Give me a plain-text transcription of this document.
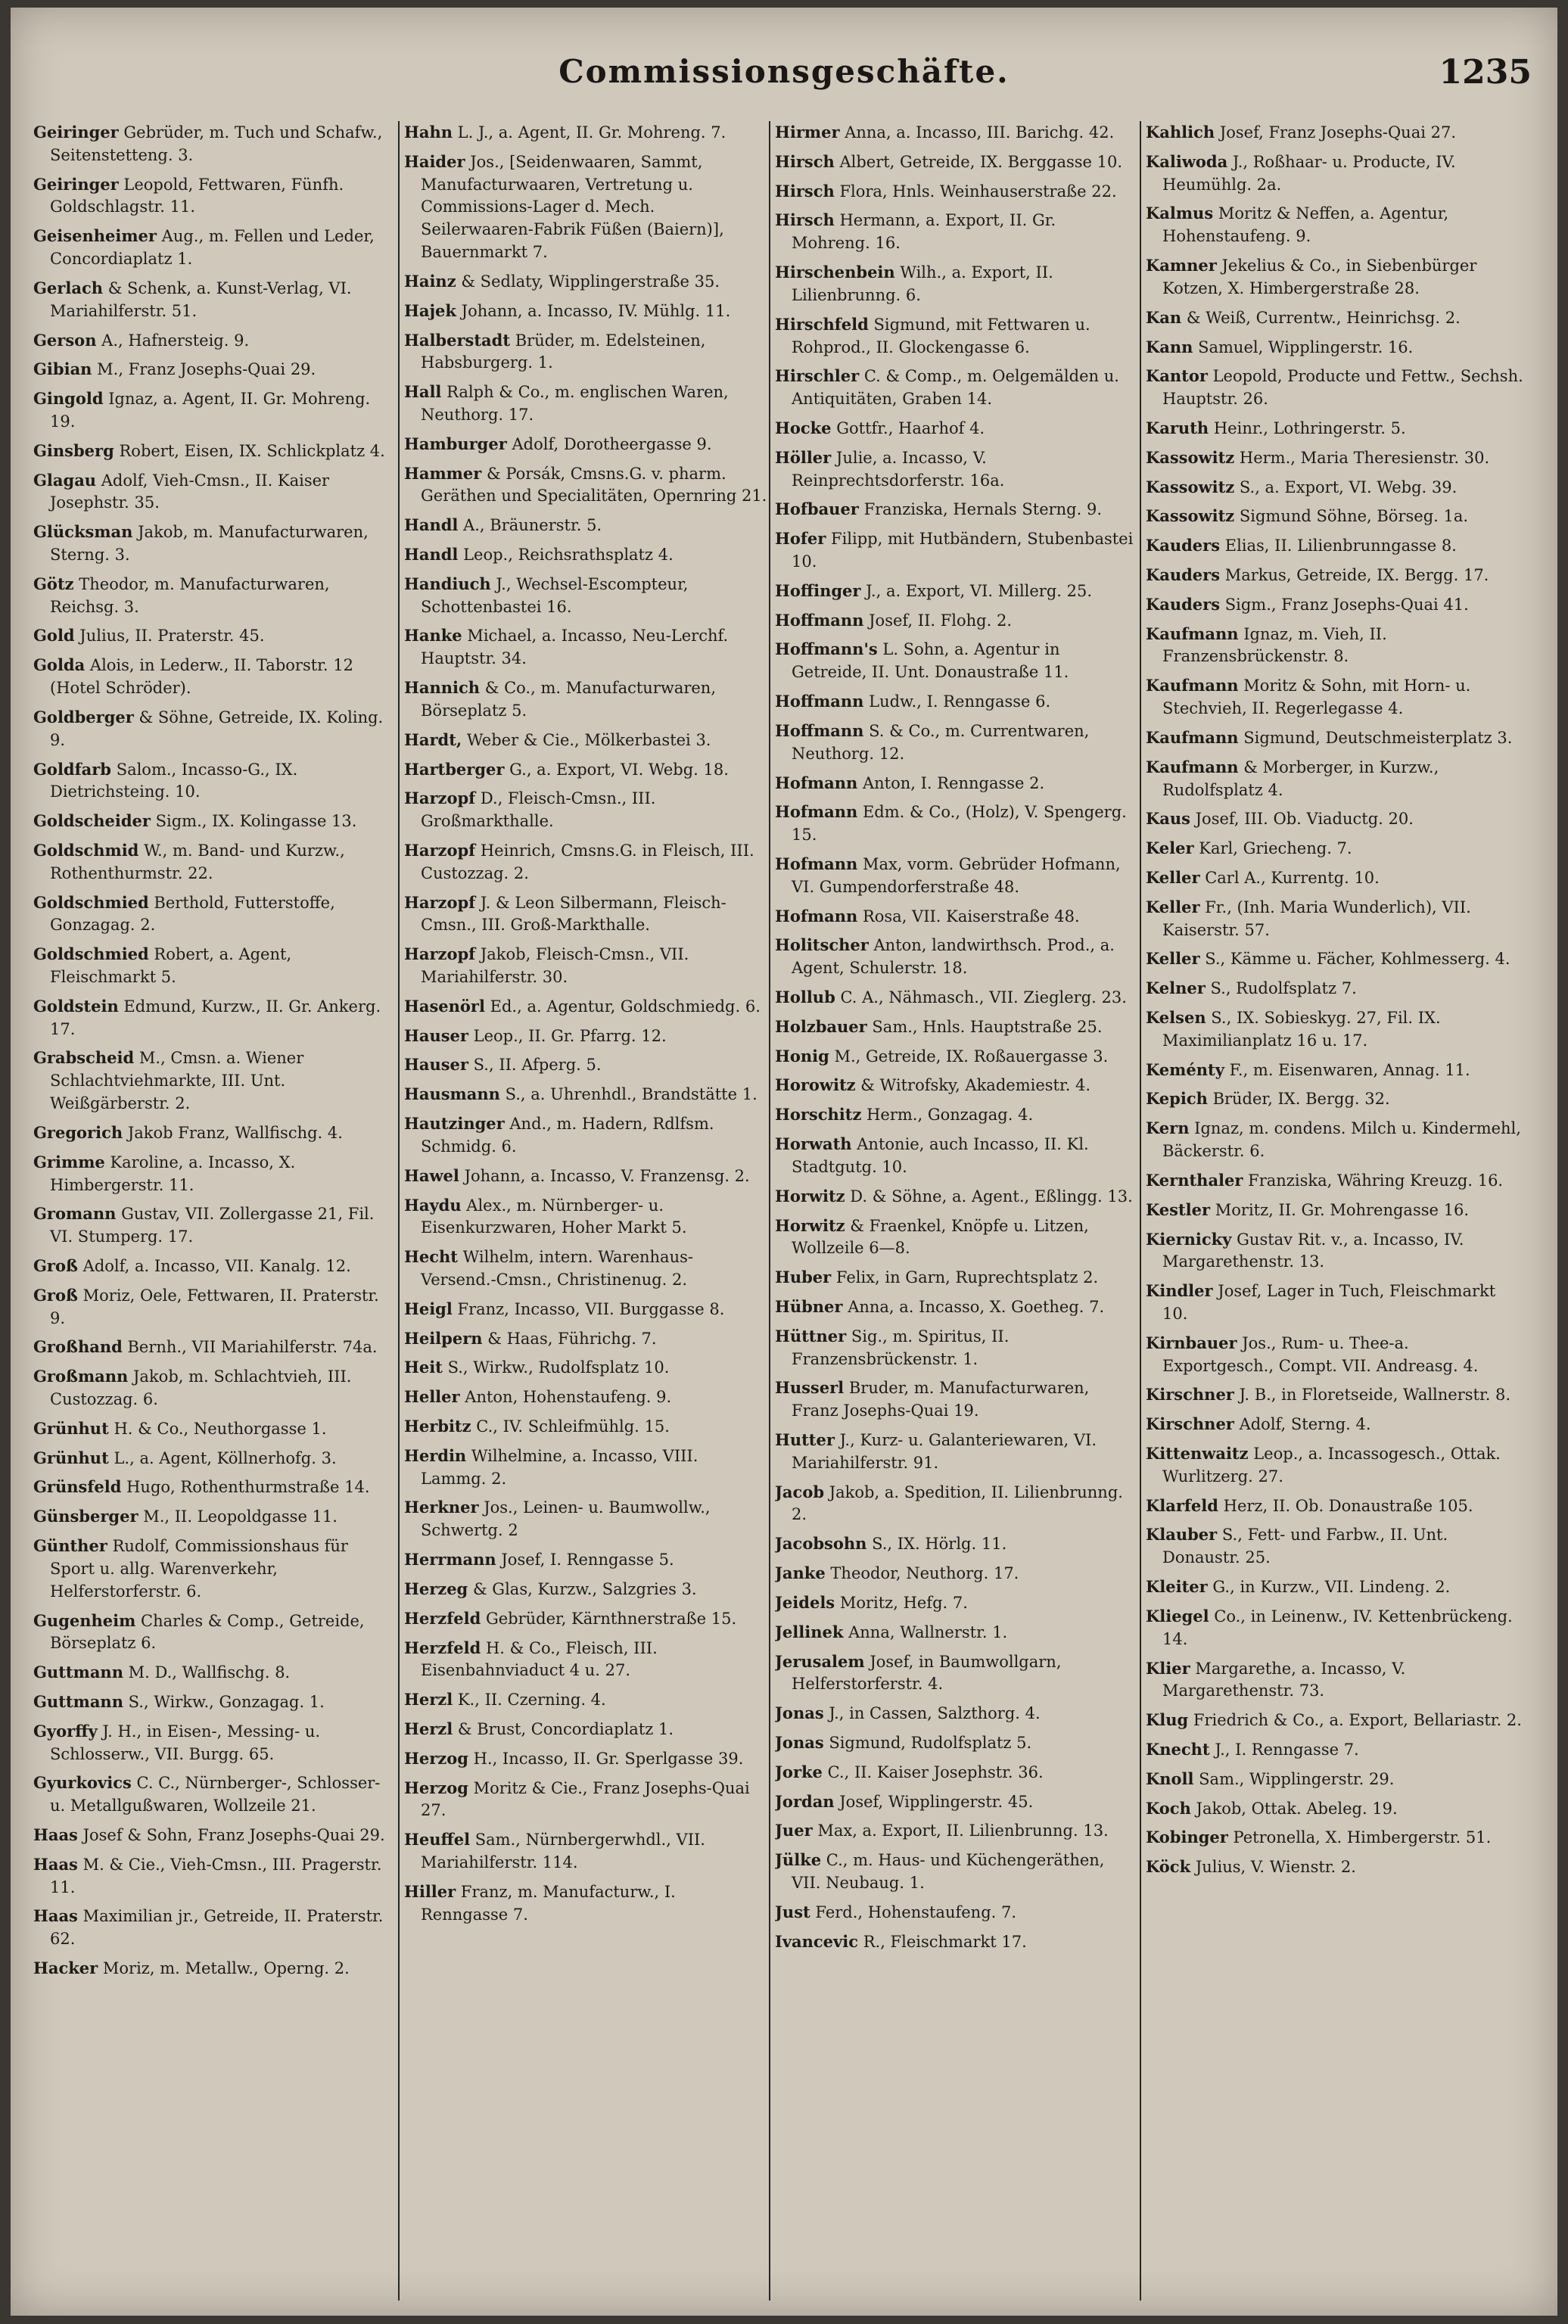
Commissionsgeschäfte.	1235
Geiringer Gebrüder, m. Tuch und Schafw., Seitenstetteng. 3.
Geiringer Leopold, Fettwaren, Fünfh. Goldschlagstr. 11.
Geisenheimer Aug., m. Fellen und Leder, Concordiaplatz 1.
Gerlach & Schenk, a. Kunst-Verlag, VI. Mariahilferstr. 51.
Gerson A., Hafnersteig. 9.
Gibian M., Franz Josephs-Quai 29.
Gingold Ignaz, a. Agent, II. Gr. Mohreng. 19.
Ginsberg Robert, Eisen, IX. Schlickplatz 4.
Glagau Adolf, Vieh-Cmsn., II. Kaiser Josephstr. 35.
Glücksman Jakob, m. Manufacturwaren, Sterng. 3.
Götz Theodor, m. Manufacturwaren, Reichsg. 3.
Gold Julius, II. Praterstr. 45.
Golda Alois, in Lederw., II. Taborstr. 12 (Hotel Schröder).
Goldberger & Söhne, Getreide, IX. Koling. 9.
Goldfarb Salom., Incasso-G., IX. Dietrichsteing. 10.
Goldscheider Sigm., IX. Kolingasse 13.
Goldschmid W., m. Band- und Kurzw., Rothenthurmstr. 22.
Goldschmied Berthold, Futterstoffe, Gonzagag. 2.
Goldschmied Robert, a. Agent, Fleischmarkt 5.
Goldstein Edmund, Kurzw., II. Gr. Ankerg. 17.
Grabscheid M., Cmsn. a. Wiener Schlachtviehmarkte, III. Unt. Weißgärberstr. 2.
Gregorich Jakob Franz, Wallfischg. 4.
Grimme Karoline, a. Incasso, X. Himbergerstr. 11.
Gromann Gustav, VII. Zollergasse 21, Fil. VI. Stumperg. 17.
Groß Adolf, a. Incasso, VII. Kanalg. 12.
Groß Moriz, Oele, Fettwaren, II. Praterstr. 9.
Großhand Bernh., VII Mariahilferstr. 74a.
Großmann Jakob, m. Schlachtvieh, III. Custozzag. 6.
Grünhut H. & Co., Neuthorgasse 1.
Grünhut L., a. Agent, Köllnerhofg. 3.
Grünsfeld Hugo, Rothenthurmstraße 14.
Günsberger M., II. Leopoldgasse 11.
Günther Rudolf, Commissionshaus für Sport u. allg. Warenverkehr, Helferstorferstr. 6.
Gugenheim Charles & Comp., Getreide, Börseplatz 6.
Guttmann M. D., Wallfischg. 8.
Guttmann S., Wirkw., Gonzagag. 1.
Gyorffy J. H., in Eisen-, Messing- u. Schlosserw., VII. Burgg. 65.
Gyurkovics C. C., Nürnberger-, Schlosser- u. Metallgußwaren, Wollzeile 21.
Haas Josef & Sohn, Franz Josephs-Quai 29.
Haas M. & Cie., Vieh-Cmsn., III. Pragerstr. 11.
Haas Maximilian jr., Getreide, II. Praterstr. 62.
Hacker Moriz, m. Metallw., Operng. 2.
Hahn L. J., a. Agent, II. Gr. Mohreng. 7.
Haider Jos., [Seidenwaaren, Sammt, Manufacturwaaren, Vertretung u. Commissions-Lager d. Mech. Seilerwaaren-Fabrik Füßen (Baiern)], Bauernmarkt 7.
Hainz & Sedlaty, Wipplingerstraße 35.
Hajek Johann, a. Incasso, IV. Mühlg. 11.
Halberstadt Brüder, m. Edelsteinen, Habsburgerg. 1.
Hall Ralph & Co., m. englischen Waren, Neuthorg. 17.
Hamburger Adolf, Dorotheergasse 9.
Hammer & Porsák, Cmsns.G. v. pharm. Geräthen und Specialitäten, Opernring 21.
Handl A., Bräunerstr. 5.
Handl Leop., Reichsrathsplatz 4.
Handiuch J., Wechsel-Escompteur, Schottenbastei 16.
Hanke Michael, a. Incasso, Neu-Lerchf. Hauptstr. 34.
Hannich & Co., m. Manufacturwaren, Börseplatz 5.
Hardt, Weber & Cie., Mölkerbastei 3.
Hartberger G., a. Export, VI. Webg. 18.
Harzopf D., Fleisch-Cmsn., III. Großmarkthalle.
Harzopf Heinrich, Cmsns.G. in Fleisch, III. Custozzag. 2.
Harzopf J. & Leon Silbermann, Fleisch-Cmsn., III. Groß-Markthalle.
Harzopf Jakob, Fleisch-Cmsn., VII. Mariahilferstr. 30.
Hasenörl Ed., a. Agentur, Goldschmiedg. 6.
Hauser Leop., II. Gr. Pfarrg. 12.
Hauser S., II. Afperg. 5.
Hausmann S., a. Uhrenhdl., Brandstätte 1.
Hautzinger And., m. Hadern, Rdlfsm. Schmidg. 6.
Hawel Johann, a. Incasso, V. Franzensg. 2.
Haydu Alex., m. Nürnberger- u. Eisenkurzwaren, Hoher Markt 5.
Hecht Wilhelm, intern. Warenhaus-Versend.-Cmsn., Christinenug. 2.
Heigl Franz, Incasso, VII. Burggasse 8.
Heilpern & Haas, Führichg. 7.
Heit S., Wirkw., Rudolfsplatz 10.
Heller Anton, Hohenstaufeng. 9.
Herbitz C., IV. Schleifmühlg. 15.
Herdin Wilhelmine, a. Incasso, VIII. Lammg. 2.
Herkner Jos., Leinen- u. Baumwollw., Schwertg. 2
Herrmann Josef, I. Renngasse 5.
Herzeg & Glas, Kurzw., Salzgries 3.
Herzfeld Gebrüder, Kärnthnerstraße 15.
Herzfeld H. & Co., Fleisch, III. Eisenbahnviaduct 4 u. 27.
Herzl K., II. Czerning. 4.
Herzl & Brust, Concordiaplatz 1.
Herzog H., Incasso, II. Gr. Sperlgasse 39.
Herzog Moritz & Cie., Franz Josephs-Quai 27.
Heuffel Sam., Nürnbergerwhdl., VII. Mariahilferstr. 114.
Hiller Franz, m. Manufacturw., I. Renngasse 7.
Hirmer Anna, a. Incasso, III. Barichg. 42.
Hirsch Albert, Getreide, IX. Berggasse 10.
Hirsch Flora, Hnls. Weinhauserstraße 22.
Hirsch Hermann, a. Export, II. Gr. Mohreng. 16.
Hirschenbein Wilh., a. Export, II. Lilienbrunng. 6.
Hirschfeld Sigmund, mit Fettwaren u. Rohprod., II. Glockengasse 6.
Hirschler C. & Comp., m. Oelgemälden u. Antiquitäten, Graben 14.
Hocke Gottfr., Haarhof 4.
Höller Julie, a. Incasso, V. Reinprechtsdorferstr. 16a.
Hofbauer Franziska, Hernals Sterng. 9.
Hofer Filipp, mit Hutbändern, Stubenbastei 10.
Hoffinger J., a. Export, VI. Millerg. 25.
Hoffmann Josef, II. Flohg. 2.
Hoffmann's L. Sohn, a. Agentur in Getreide, II. Unt. Donaustraße 11.
Hoffmann Ludw., I. Renngasse 6.
Hoffmann S. & Co., m. Currentwaren, Neuthorg. 12.
Hofmann Anton, I. Renngasse 2.
Hofmann Edm. & Co., (Holz), V. Spengerg. 15.
Hofmann Max, vorm. Gebrüder Hofmann, VI. Gumpendorferstraße 48.
Hofmann Rosa, VII. Kaiserstraße 48.
Holitscher Anton, landwirthsch. Prod., a. Agent, Schulerstr. 18.
Hollub C. A., Nähmasch., VII. Zieglerg. 23.
Holzbauer Sam., Hnls. Hauptstraße 25.
Honig M., Getreide, IX. Roßauergasse 3.
Horowitz & Witrofsky, Akademiestr. 4.
Horschitz Herm., Gonzagag. 4.
Horwath Antonie, auch Incasso, II. Kl. Stadtgutg. 10.
Horwitz D. & Söhne, a. Agent., Eßlingg. 13.
Horwitz & Fraenkel, Knöpfe u. Litzen, Wollzeile 6—8.
Huber Felix, in Garn, Ruprechtsplatz 2.
Hübner Anna, a. Incasso, X. Goetheg. 7.
Hüttner Sig., m. Spiritus, II. Franzensbrückenstr. 1.
Husserl Bruder, m. Manufacturwaren, Franz Josephs-Quai 19.
Hutter J., Kurz- u. Galanteriewaren, VI. Mariahilferstr. 91.
Jacob Jakob, a. Spedition, II. Lilienbrunng. 2.
Jacobsohn S., IX. Hörlg. 11.
Janke Theodor, Neuthorg. 17.
Jeidels Moritz, Hefg. 7.
Jellinek Anna, Wallnerstr. 1.
Jerusalem Josef, in Baumwollgarn, Helferstorferstr. 4.
Jonas J., in Cassen, Salzthorg. 4.
Jonas Sigmund, Rudolfsplatz 5.
Jorke C., II. Kaiser Josephstr. 36.
Jordan Josef, Wipplingerstr. 45.
Juer Max, a. Export, II. Lilienbrunng. 13.
Jülke C., m. Haus- und Küchengeräthen, VII. Neubaug. 1.
Just Ferd., Hohenstaufeng. 7.
Ivancevic R., Fleischmarkt 17.
Kahlich Josef, Franz Josephs-Quai 27.
Kaliwoda J., Roßhaar- u. Producte, IV. Heumühlg. 2a.
Kalmus Moritz & Neffen, a. Agentur, Hohenstaufeng. 9.
Kamner Jekelius & Co., in Siebenbürger Kotzen, X. Himbergerstraße 28.
Kan & Weiß, Currentw., Heinrichsg. 2.
Kann Samuel, Wipplingerstr. 16.
Kantor Leopold, Producte und Fettw., Sechsh. Hauptstr. 26.
Karuth Heinr., Lothringerstr. 5.
Kassowitz Herm., Maria Theresienstr. 30.
Kassowitz S., a. Export, VI. Webg. 39.
Kassowitz Sigmund Söhne, Börseg. 1a.
Kauders Elias, II. Lilienbrunngasse 8.
Kauders Markus, Getreide, IX. Bergg. 17.
Kauders Sigm., Franz Josephs-Quai 41.
Kaufmann Ignaz, m. Vieh, II. Franzensbrückenstr. 8.
Kaufmann Moritz & Sohn, mit Horn- u. Stechvieh, II. Regerlegasse 4.
Kaufmann Sigmund, Deutschmeisterplatz 3.
Kaufmann & Morberger, in Kurzw., Rudolfsplatz 4.
Kaus Josef, III. Ob. Viaductg. 20.
Keler Karl, Griecheng. 7.
Keller Carl A., Kurrentg. 10.
Keller Fr., (Inh. Maria Wunderlich), VII. Kaiserstr. 57.
Keller S., Kämme u. Fächer, Kohlmesserg. 4.
Kelner S., Rudolfsplatz 7.
Kelsen S., IX. Sobieskyg. 27, Fil. IX. Maximilianplatz 16 u. 17.
Keménty F., m. Eisenwaren, Annag. 11.
Kepich Brüder, IX. Bergg. 32.
Kern Ignaz, m. condens. Milch u. Kindermehl, Bäckerstr. 6.
Kernthaler Franziska, Währing Kreuzg. 16.
Kestler Moritz, II. Gr. Mohrengasse 16.
Kiernicky Gustav Rit. v., a. Incasso, IV. Margarethenstr. 13.
Kindler Josef, Lager in Tuch, Fleischmarkt 10.
Kirnbauer Jos., Rum- u. Thee-a. Exportgesch., Compt. VII. Andreasg. 4.
Kirschner J. B., in Floretseide, Wallnerstr. 8.
Kirschner Adolf, Sterng. 4.
Kittenwaitz Leop., a. Incassogesch., Ottak. Wurlitzerg. 27.
Klarfeld Herz, II. Ob. Donaustraße 105.
Klauber S., Fett- und Farbw., II. Unt. Donaustr. 25.
Kleiter G., in Kurzw., VII. Lindeng. 2.
Kliegel Co., in Leinenw., IV. Kettenbrückeng. 14.
Klier Margarethe, a. Incasso, V. Margarethenstr. 73.
Klug Friedrich & Co., a. Export, Bellariastr. 2.
Knecht J., I. Renngasse 7.
Knoll Sam., Wipplingerstr. 29.
Koch Jakob, Ottak. Abeleg. 19.
Kobinger Petronella, X. Himbergerstr. 51.
Köck Julius, V. Wienstr. 2.
